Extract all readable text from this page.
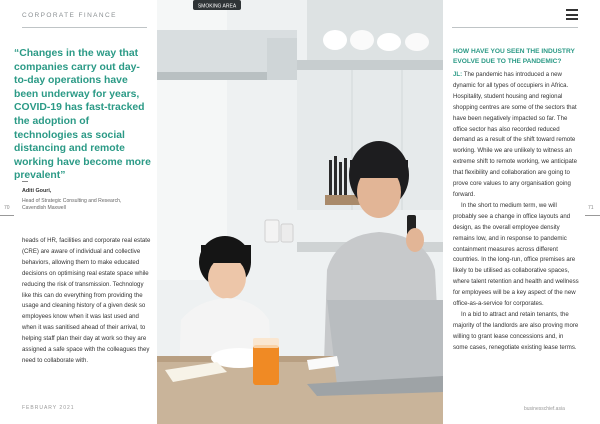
CORPORATE FINANCE
“Changes in the way that companies carry out day-to-day operations have been underway for years, COVID-19 has fast-tracked the adoption of technologies as social distancing and remote working have become more prevalent”
Aditi Gouri,
Head of Strategic Consulting and Research, Cavendish Maxwell
70
heads of HR, facilities and corporate real estate (CRE) are aware of individual and collective behaviors, allowing them to make educated decisions on optimising real estate space while reducing the risk of transmission. Technology like this can do everything from providing the usage and cleaning history of a given desk so employees know when it was last used and when it was sanitised ahead of their arrival, to helping staff plan their day at work so they are assigned a safe space with the colleagues they need to collaborate with.
FEBRUARY 2021
SMOKING AREA
HOW HAVE YOU SEEN THE INDUSTRY EVOLVE DUE TO THE PANDEMIC?

JL: The pandemic has introduced a new dynamic for all types of occupiers in Africa. Hospitality, student housing and regional shopping centres are some of the sectors that have been negatively impacted so far. The office sector has also recorded reduced demand as a result of the shift toward remote working. While we are unlikely to witness an extreme shift to remote working, we anticipate that flexibility and collaboration are going to prove core values to any organisation going forward.

In the short to medium term, we will probably see a change in office layouts and design, as the overall employee density remains low, and in response to pandemic containment measures across different countries. In the long-run, office premises are likely to be utilised as collaborative spaces, where talent retention and health and wellness for employees will be a key aspect of the new office-as-a-service for corporates.

In a bid to attract and retain tenants, the majority of the landlords are also proving more willing to grant lease concessions and, in some cases, renegotiate existing lease terms.

71
businesschief.asia
